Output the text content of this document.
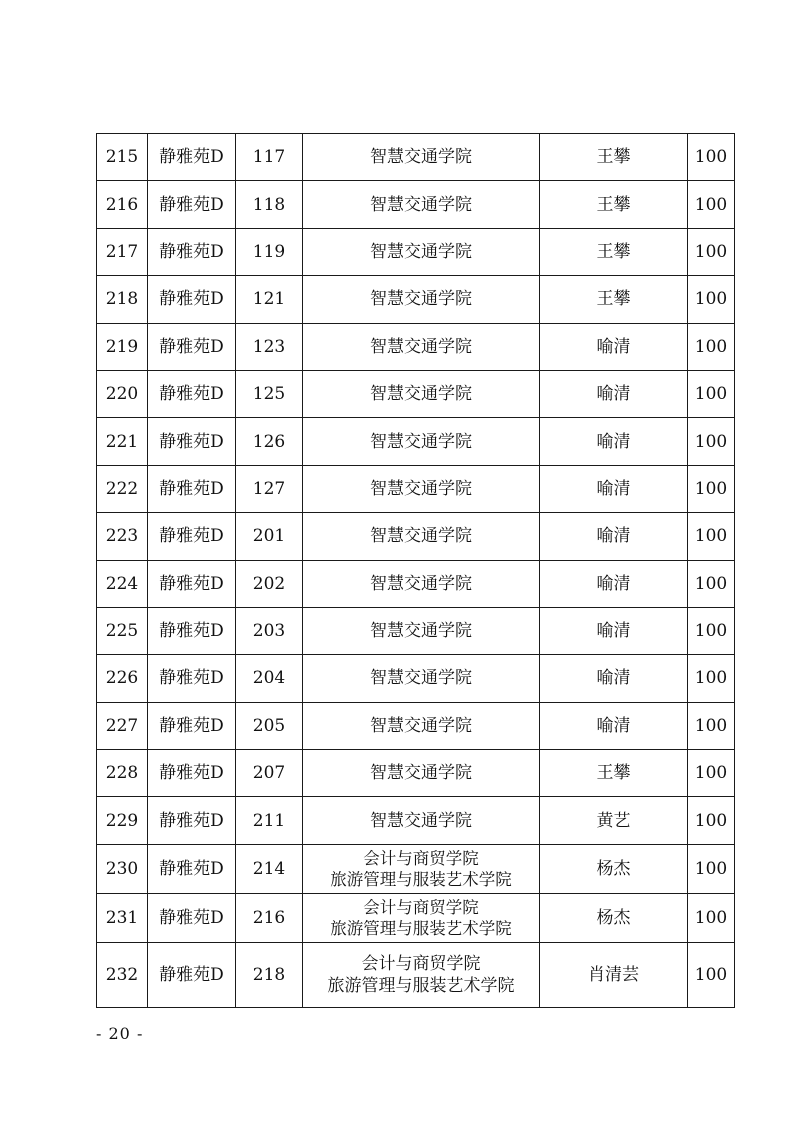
215	静雅苑D	117	智慧交通学院	王攀	100
216	静雅苑D	118	智慧交通学院	王攀	100
217	静雅苑D	119	智慧交通学院	王攀	100
218	静雅苑D	121	智慧交通学院	王攀	100
219	静雅苑D	123	智慧交通学院	喻清	100
220	静雅苑D	125	智慧交通学院	喻清	100
221	静雅苑D	126	智慧交通学院	喻清	100
222	静雅苑D	127	智慧交通学院	喻清	100
223	静雅苑D	201	智慧交通学院	喻清	100
224	静雅苑D	202	智慧交通学院	喻清	100
225	静雅苑D	203	智慧交通学院	喻清	100
226	静雅苑D	204	智慧交通学院	喻清	100
227	静雅苑D	205	智慧交通学院	喻清	100
228	静雅苑D	207	智慧交通学院	王攀	100
229	静雅苑D	211	智慧交通学院	黄艺	100
230	静雅苑D	214	会计与商贸学院
旅游管理与服装艺术学院	杨杰	100
231	静雅苑D	216	会计与商贸学院
旅游管理与服装艺术学院	杨杰	100
232	静雅苑D	218	会计与商贸学院
旅游管理与服装艺术学院	肖清芸	100
- 20 -
